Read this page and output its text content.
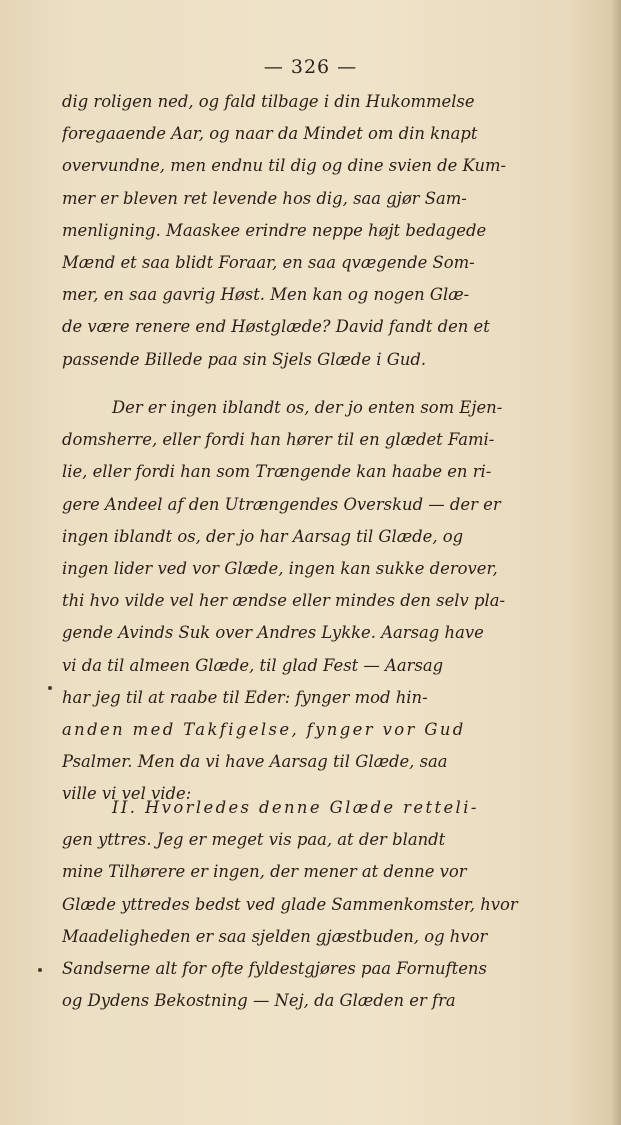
— 326 —
dig roligen ned, og fald tilbage i din Hukommelse
foregaaende Aar, og naar da Mindet om din knapt
overvundne, men endnu til dig og dine svien de Kum-
mer er bleven ret levende hos dig, saa gjør Sam-
menligning. Maaskee erindre neppe højt bedagede
Mænd et saa blidt Foraar, en saa qvægende Som-
mer, en saa gavrig Høst. Men kan og nogen Glæ-
de være renere end Høstglæde? David fandt den et
passende Billede paa sin Sjels Glæde i Gud.
Der er ingen iblandt os, der jo enten som Ejen-
domsherre, eller fordi han hører til en glædet Fami-
lie, eller fordi han som Trængende kan haabe en ri-
gere Andeel af den Utrængendes Overskud — der er
ingen iblandt os, der jo har Aarsag til Glæde, og
ingen lider ved vor Glæde, ingen kan sukke derover,
thi hvo vilde vel her ændse eller mindes den selv pla-
gende Avinds Suk over Andres Lykke. Aarsag have
vi da til almeen Glæde, til glad Fest — Aarsag
har jeg til at raabe til Eder: fynger mod hin-
anden med Takfigelse, fynger vor Gud
Psalmer. Men da vi have Aarsag til Glæde, saa
ville vi vel vide:
II. Hvorledes denne Glæde retteli-
gen yttres. Jeg er meget vis paa, at der blandt
mine Tilhørere er ingen, der mener at denne vor
Glæde yttredes bedst ved glade Sammenkomster, hvor
Maadeligheden er saa sjelden gjæstbuden, og hvor
Sandserne alt for ofte fyldestgjøres paa Fornuftens
og Dydens Bekostning — Nej, da Glæden er fra
